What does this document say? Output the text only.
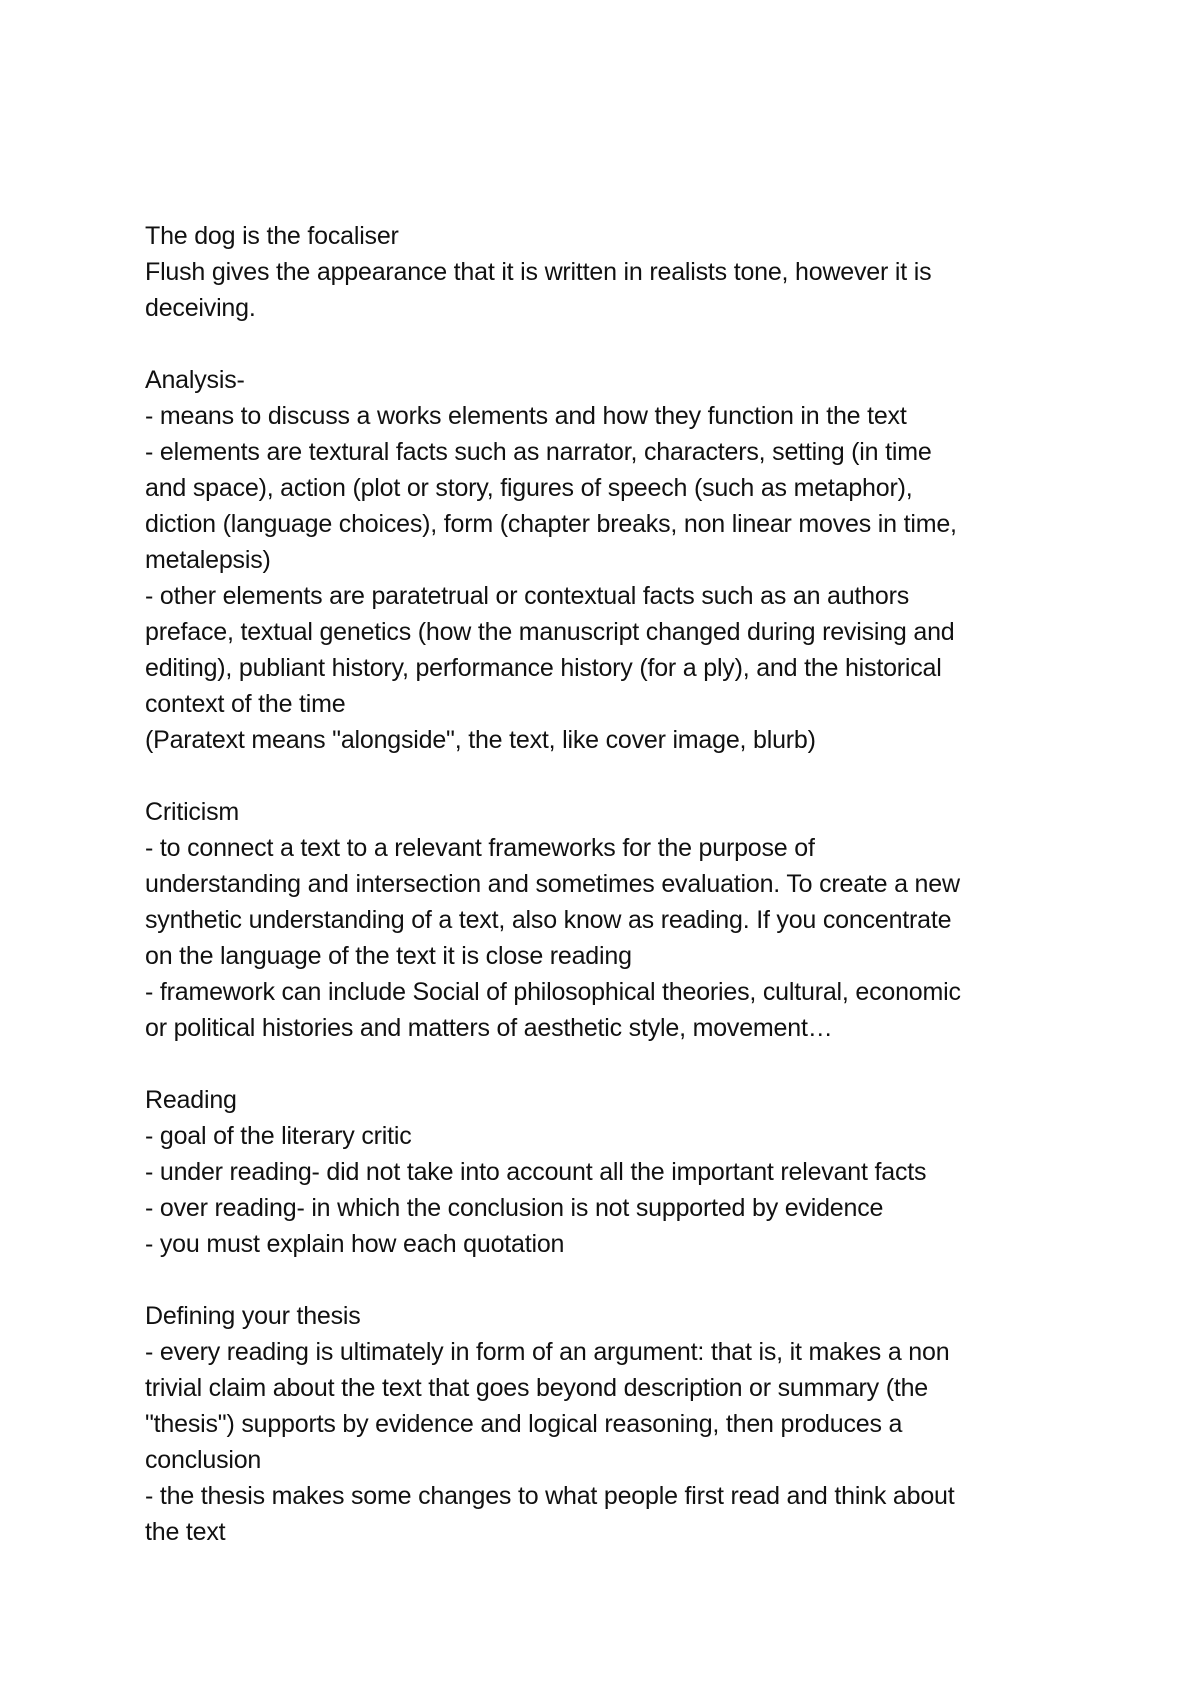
The dog is the focaliser
Flush gives the appearance that it is written in realists tone, however it is
deceiving.
Analysis-
- means to discuss a works elements and how they function in the text
- elements are textural facts such as narrator, characters, setting (in time
and space), action (plot or story, figures of speech (such as metaphor),
diction (language choices), form (chapter breaks, non linear moves in time,
metalepsis)
- other elements are paratetrual or contextual facts such as an authors
preface, textual genetics (how the manuscript changed during revising and
editing), publiant history, performance history (for a ply), and the historical
context of the time
(Paratext means "alongside", the text, like cover image, blurb)
Criticism
- to connect a text to a relevant frameworks for the purpose of
understanding and intersection and sometimes evaluation. To create a new
synthetic understanding of a text, also know as reading. If you concentrate
on the language of the text it is close reading
- framework can include Social of philosophical theories, cultural, economic
or political histories and matters of aesthetic style, movement…
Reading
- goal of the literary critic
- under reading- did not take into account all the important relevant facts
- over reading- in which the conclusion is not supported by evidence
- you must explain how each quotation
Defining your thesis
- every reading is ultimately in form of an argument: that is, it makes a non
trivial claim about the text that goes beyond description or summary (the
"thesis") supports by evidence and logical reasoning, then produces a
conclusion
- the thesis makes some changes to what people first read and think about
the text
